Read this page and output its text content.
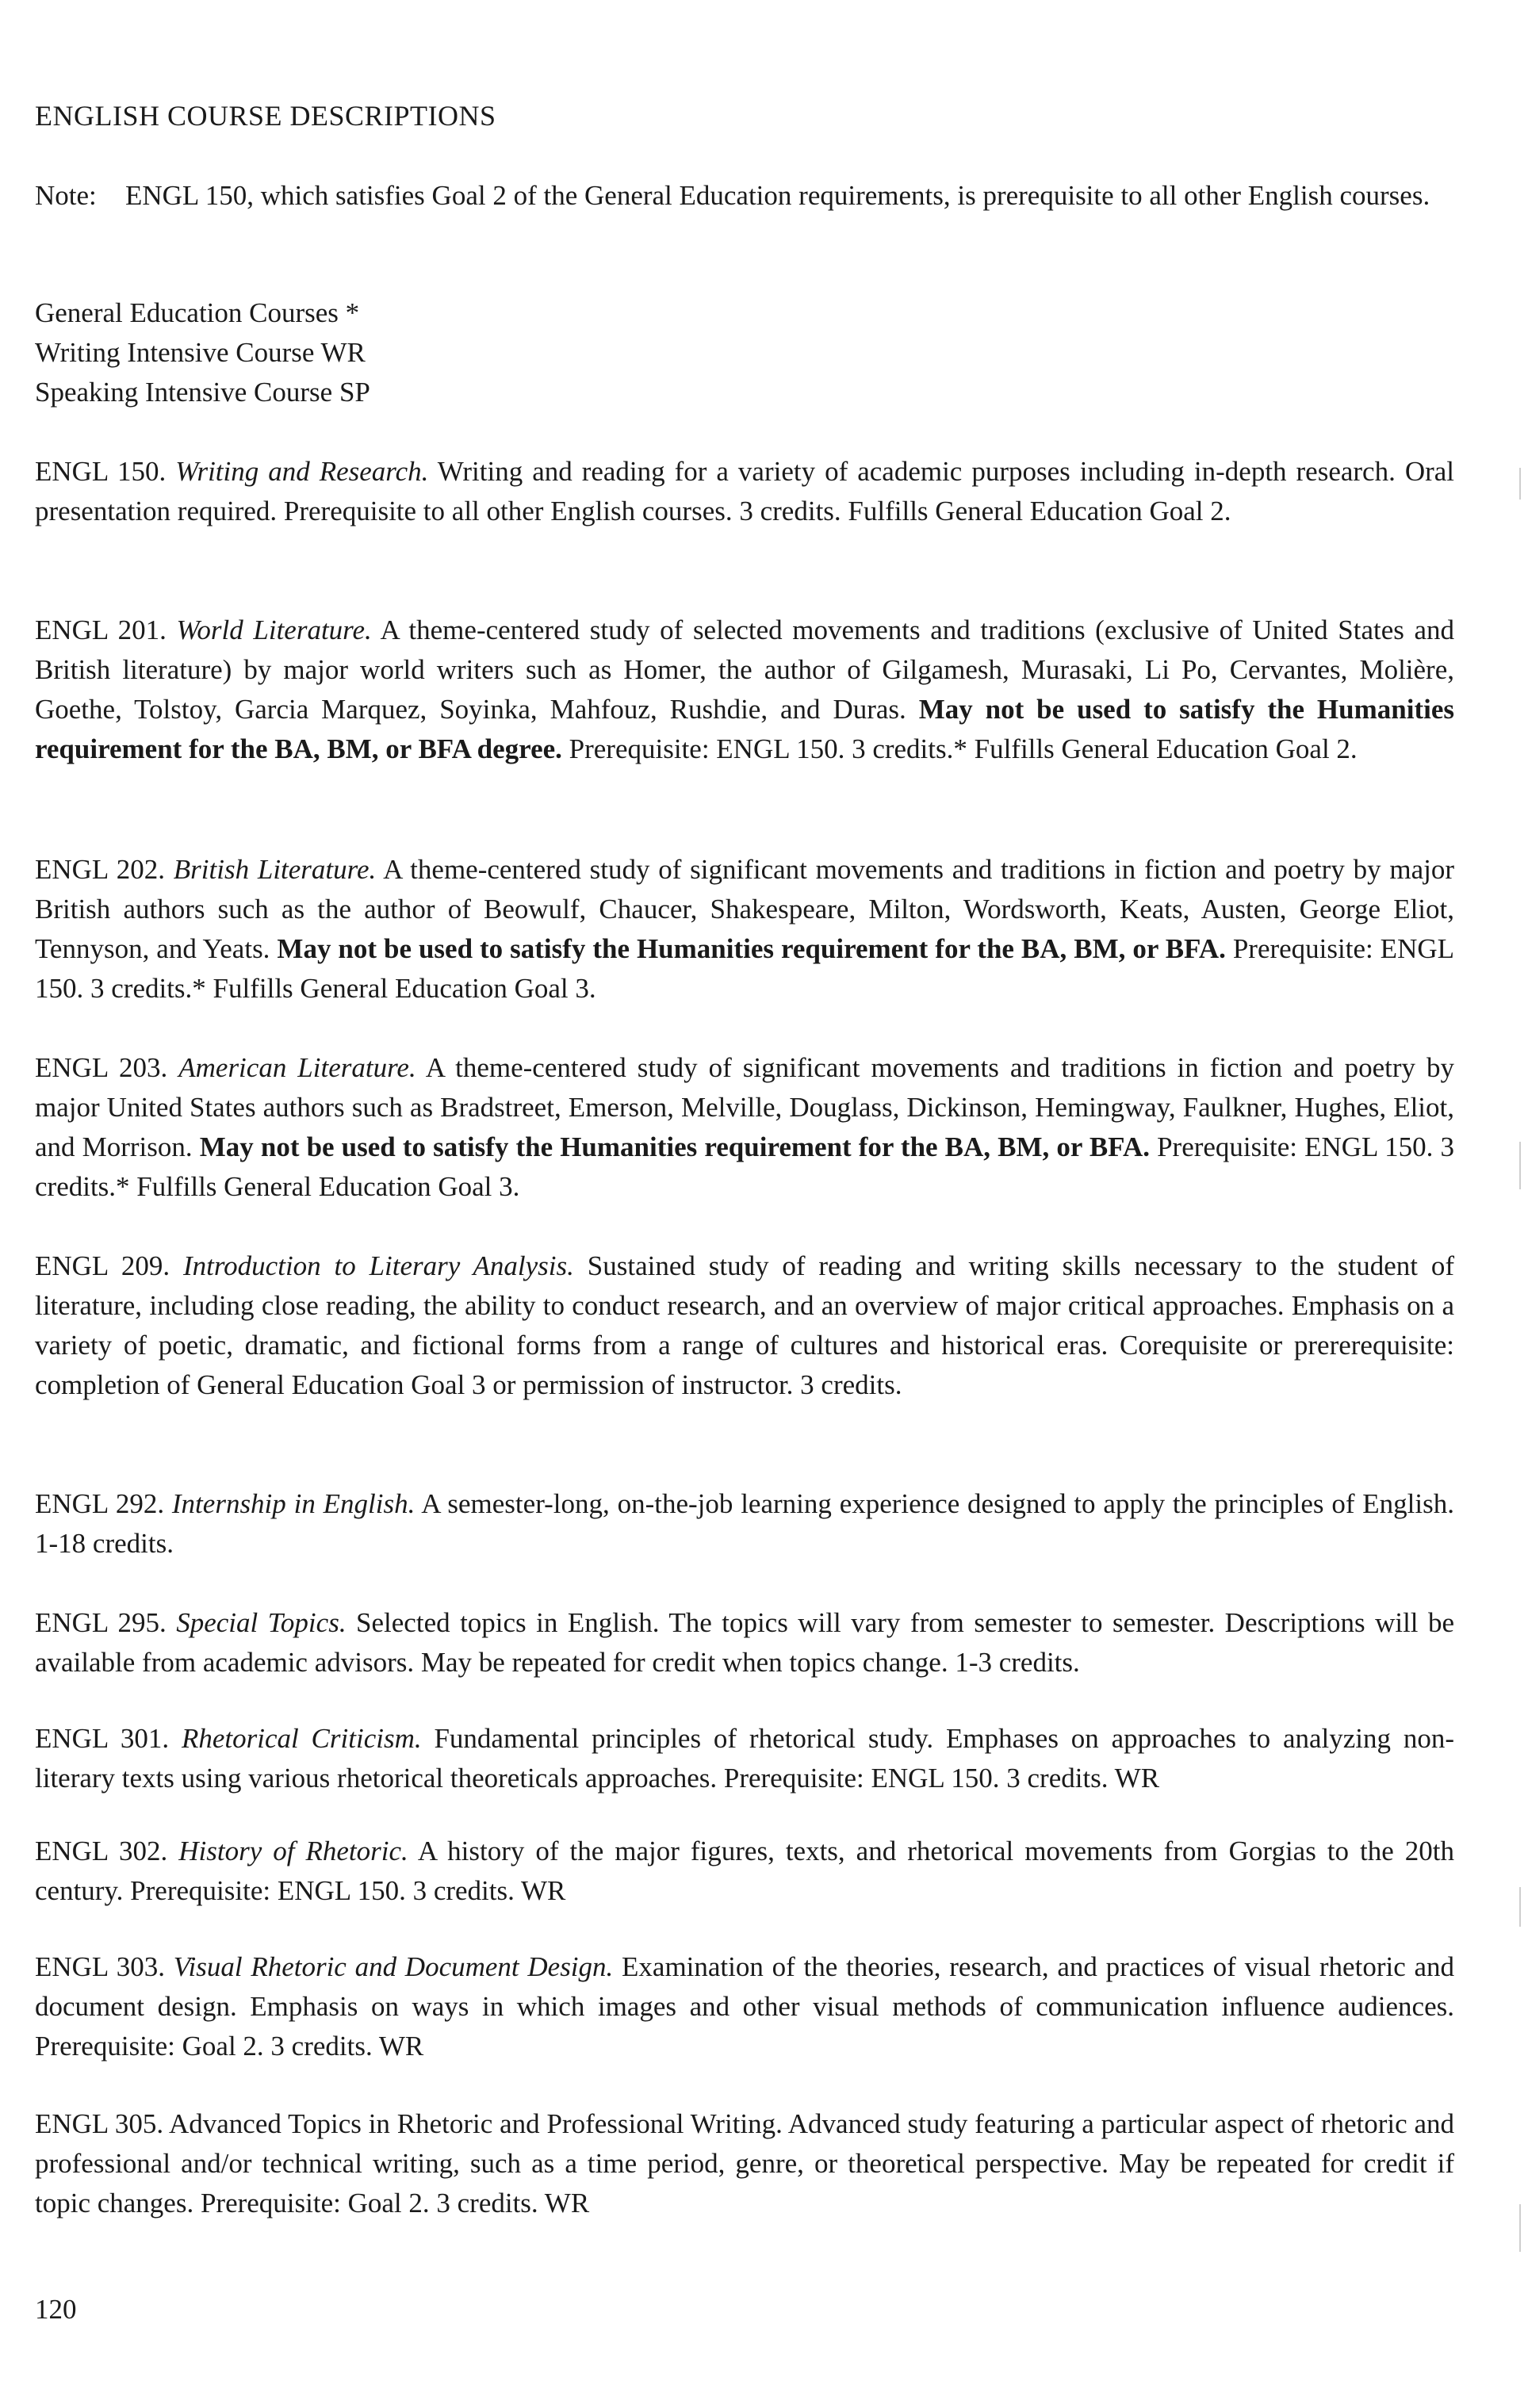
ENGLISH COURSE DESCRIPTIONS
Note: ENGL 150, which satisfies Goal 2 of the General Education requirements, is prerequisite to all other English courses.
General Education Courses *
Writing Intensive Course WR
Speaking Intensive Course SP
ENGL 150. Writing and Research. Writing and reading for a variety of academic purposes including in-depth research. Oral presentation required. Prerequisite to all other English courses. 3 credits. Fulfills General Education Goal 2.
ENGL 201. World Literature. A theme-centered study of selected movements and traditions (exclusive of United States and British literature) by major world writers such as Homer, the author of Gilgamesh, Murasaki, Li Po, Cervantes, Molière, Goethe, Tolstoy, Garcia Marquez, Soyinka, Mahfouz, Rushdie, and Duras. May not be used to satisfy the Humanities requirement for the BA, BM, or BFA degree. Prerequisite: ENGL 150. 3 credits.* Fulfills General Education Goal 2.
ENGL 202. British Literature. A theme-centered study of significant movements and traditions in fiction and poetry by major British authors such as the author of Beowulf, Chaucer, Shakespeare, Milton, Wordsworth, Keats, Austen, George Eliot, Tennyson, and Yeats. May not be used to satisfy the Humanities requirement for the BA, BM, or BFA. Prerequisite: ENGL 150. 3 credits.* Fulfills General Education Goal 3.
ENGL 203. American Literature. A theme-centered study of significant movements and traditions in fiction and poetry by major United States authors such as Bradstreet, Emerson, Melville, Douglass, Dickinson, Hemingway, Faulkner, Hughes, Eliot, and Morrison. May not be used to satisfy the Humanities requirement for the BA, BM, or BFA. Prerequisite: ENGL 150. 3 credits.* Fulfills General Education Goal 3.
ENGL 209. Introduction to Literary Analysis. Sustained study of reading and writing skills necessary to the student of literature, including close reading, the ability to conduct research, and an overview of major critical approaches. Emphasis on a variety of poetic, dramatic, and fictional forms from a range of cultures and historical eras. Corequisite or prererequisite: completion of General Education Goal 3 or permission of instructor. 3 credits.
ENGL 292. Internship in English. A semester-long, on-the-job learning experience designed to apply the principles of English. 1-18 credits.
ENGL 295. Special Topics. Selected topics in English. The topics will vary from semester to semester. Descriptions will be available from academic advisors. May be repeated for credit when topics change. 1-3 credits.
ENGL 301. Rhetorical Criticism. Fundamental principles of rhetorical study. Emphases on approaches to analyzing non-literary texts using various rhetorical theoreticals approaches. Prerequisite: ENGL 150. 3 credits. WR
ENGL 302. History of Rhetoric. A history of the major figures, texts, and rhetorical movements from Gorgias to the 20th century. Prerequisite: ENGL 150. 3 credits. WR
ENGL 303. Visual Rhetoric and Document Design. Examination of the theories, research, and practices of visual rhetoric and document design. Emphasis on ways in which images and other visual methods of communication influence audiences. Prerequisite: Goal 2. 3 credits. WR
ENGL 305. Advanced Topics in Rhetoric and Professional Writing. Advanced study featuring a particular aspect of rhetoric and professional and/or technical writing, such as a time period, genre, or theoretical perspective. May be repeated for credit if topic changes. Prerequisite: Goal 2. 3 credits. WR
120
